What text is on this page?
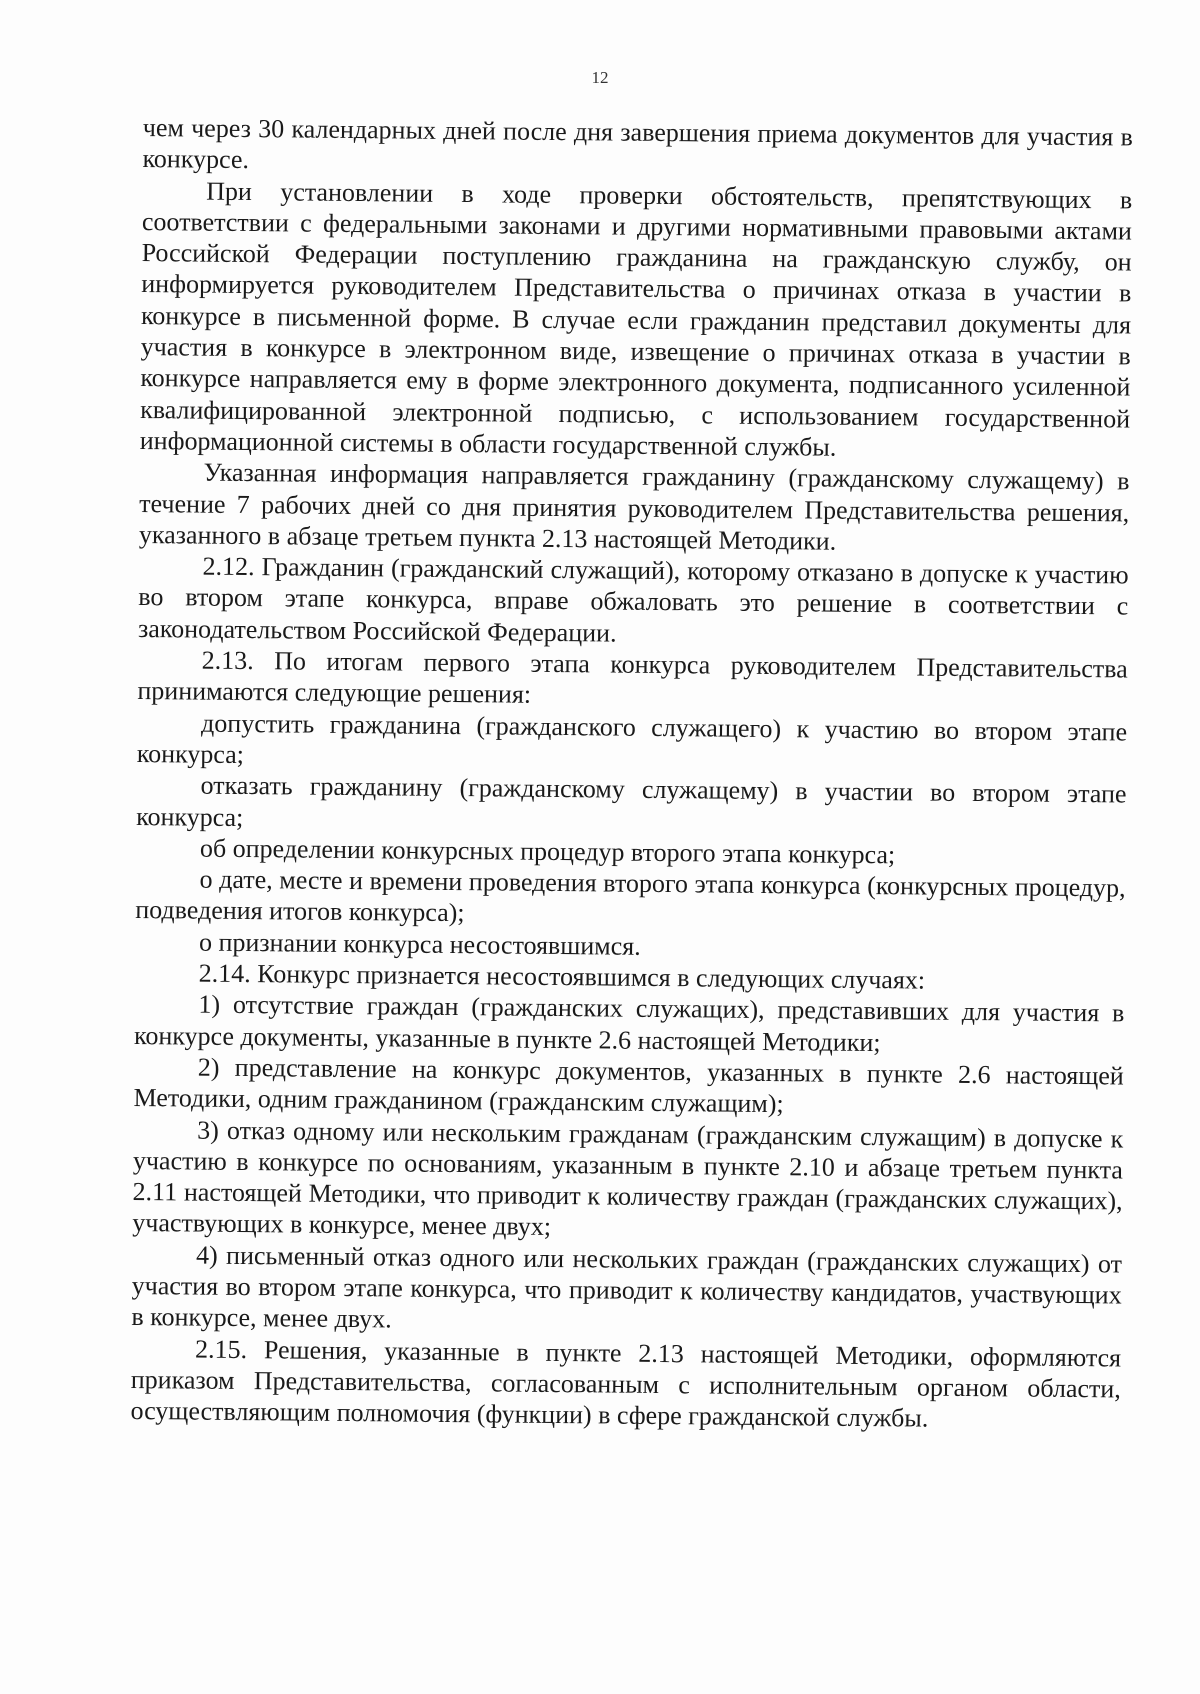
12

чем через 30 календарных дней после дня завершения приема документов для участия в конкурсе.

При установлении в ходе проверки обстоятельств, препятствующих в соответствии с федеральными законами и другими нормативными правовыми актами Российской Федерации поступлению гражданина на гражданскую службу, он информируется руководителем Представительства о причинах отказа в участии в конкурсе в письменной форме. В случае если гражданин представил документы для участия в конкурсе в электронном виде, извещение о причинах отказа в участии в конкурсе направляется ему в форме электронного документа, подписанного усиленной квалифицированной электронной подписью, с использованием государственной информационной системы в области государственной службы.

Указанная информация направляется гражданину (гражданскому служащему) в течение 7 рабочих дней со дня принятия руководителем Представительства решения, указанного в абзаце третьем пункта 2.13 настоящей Методики.

2.12. Гражданин (гражданский служащий), которому отказано в допуске к участию во втором этапе конкурса, вправе обжаловать это решение в соответствии с законодательством Российской Федерации.

2.13. По итогам первого этапа конкурса руководителем Представительства принимаются следующие решения:

допустить гражданина (гражданского служащего) к участию во втором этапе конкурса;

отказать гражданину (гражданскому служащему) в участии во втором этапе конкурса;

об определении конкурсных процедур второго этапа конкурса;

о дате, месте и времени проведения второго этапа конкурса (конкурсных процедур, подведения итогов конкурса);

о признании конкурса несостоявшимся.

2.14. Конкурс признается несостоявшимся в следующих случаях:

1) отсутствие граждан (гражданских служащих), представивших для участия в конкурсе документы, указанные в пункте 2.6 настоящей Методики;

2) представление на конкурс документов, указанных в пункте 2.6 настоящей Методики, одним гражданином (гражданским служащим);

3) отказ одному или нескольким гражданам (гражданским служащим) в допуске к участию в конкурсе по основаниям, указанным в пункте 2.10 и абзаце третьем пункта 2.11 настоящей Методики, что приводит к количеству граждан (гражданских служащих), участвующих в конкурсе, менее двух;

4) письменный отказ одного или нескольких граждан (гражданских служащих) от участия во втором этапе конкурса, что приводит к количеству кандидатов, участвующих в конкурсе, менее двух.

2.15. Решения, указанные в пункте 2.13 настоящей Методики, оформляются приказом Представительства, согласованным с исполнительным органом области, осуществляющим полномочия (функции) в сфере гражданской службы.
